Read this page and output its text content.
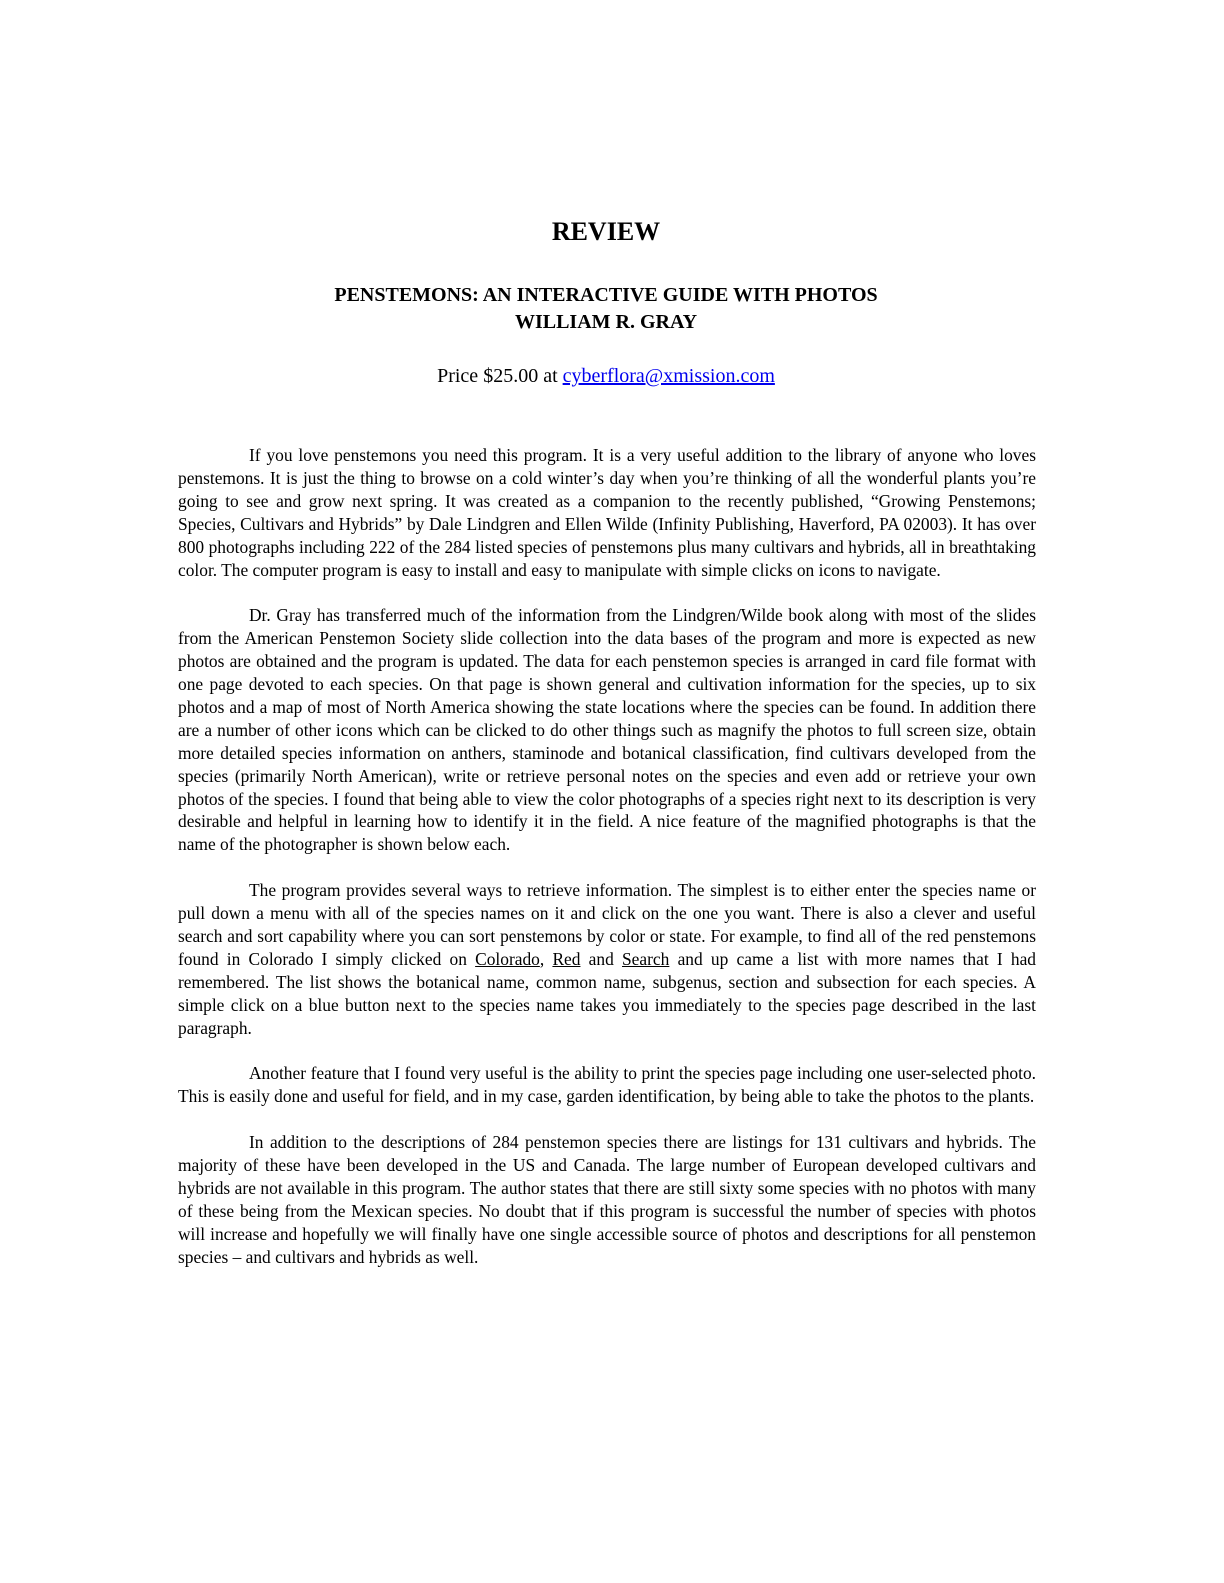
REVIEW
PENSTEMONS: AN INTERACTIVE GUIDE WITH PHOTOS
WILLIAM R. GRAY
Price $25.00 at cyberflora@xmission.com

If you love penstemons you need this program. It is a very useful addition to the library of anyone who loves penstemons. It is just the thing to browse on a cold winter’s day when you’re thinking of all the wonderful plants you’re going to see and grow next spring. It was created as a companion to the recently published, “Growing Penstemons; Species, Cultivars and Hybrids” by Dale Lindgren and Ellen Wilde (Infinity Publishing, Haverford, PA 02003). It has over 800 photographs including 222 of the 284 listed species of penstemons plus many cultivars and hybrids, all in breathtaking color. The computer program is easy to install and easy to manipulate with simple clicks on icons to navigate.

Dr. Gray has transferred much of the information from the Lindgren/Wilde book along with most of the slides from the American Penstemon Society slide collection into the data bases of the program and more is expected as new photos are obtained and the program is updated. The data for each penstemon species is arranged in card file format with one page devoted to each species. On that page is shown general and cultivation information for the species, up to six photos and a map of most of North America showing the state locations where the species can be found. In addition there are a number of other icons which can be clicked to do other things such as magnify the photos to full screen size, obtain more detailed species information on anthers, staminode and botanical classification, find cultivars developed from the species (primarily North American), write or retrieve personal notes on the species and even add or retrieve your own photos of the species. I found that being able to view the color photographs of a species right next to its description is very desirable and helpful in learning how to identify it in the field. A nice feature of the magnified photographs is that the name of the photographer is shown below each.

The program provides several ways to retrieve information. The simplest is to either enter the species name or pull down a menu with all of the species names on it and click on the one you want. There is also a clever and useful search and sort capability where you can sort penstemons by color or state. For example, to find all of the red penstemons found in Colorado I simply clicked on Colorado, Red and Search and up came a list with more names that I had remembered. The list shows the botanical name, common name, subgenus, section and subsection for each species. A simple click on a blue button next to the species name takes you immediately to the species page described in the last paragraph.

Another feature that I found very useful is the ability to print the species page including one user-selected photo. This is easily done and useful for field, and in my case, garden identification, by being able to take the photos to the plants.

In addition to the descriptions of 284 penstemon species there are listings for 131 cultivars and hybrids. The majority of these have been developed in the US and Canada. The large number of European developed cultivars and hybrids are not available in this program. The author states that there are still sixty some species with no photos with many of these being from the Mexican species. No doubt that if this program is successful the number of species with photos will increase and hopefully we will finally have one single accessible source of photos and descriptions for all penstemon species – and cultivars and hybrids as well.
